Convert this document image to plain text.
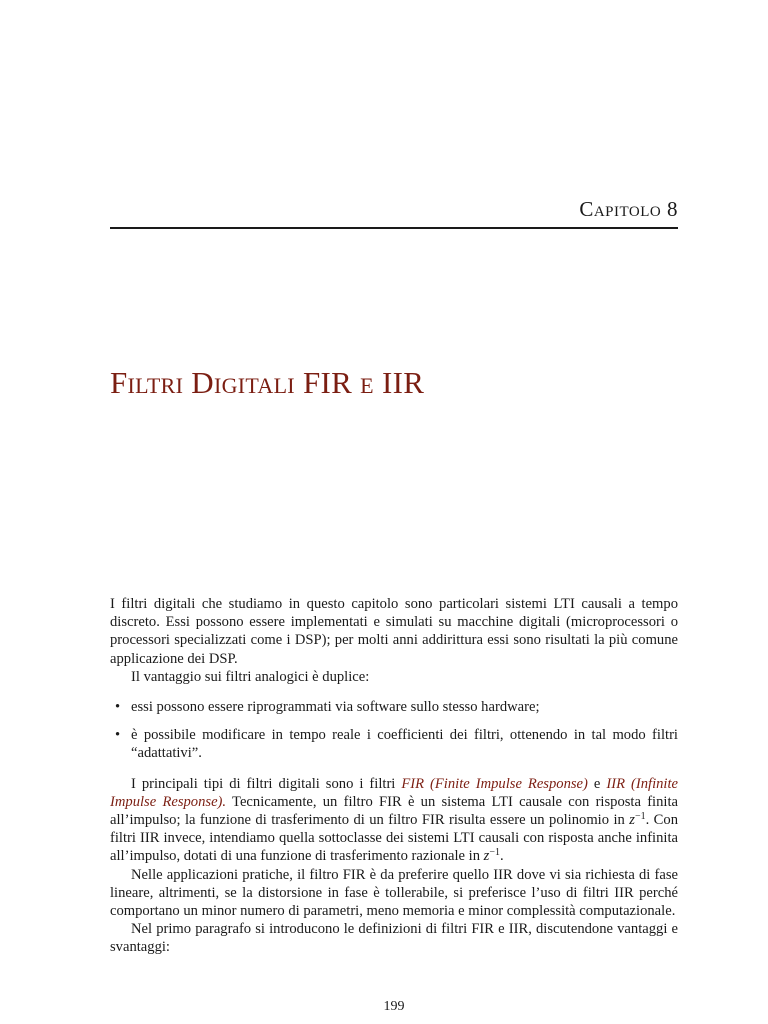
Capitolo 8
Filtri Digitali FIR e IIR

I filtri digitali che studiamo in questo capitolo sono particolari sistemi LTI causali a tempo discreto. Essi possono essere implementati e simulati su macchine digitali (microprocessori o processori specializzati come i DSP); per molti anni addirittura essi sono risultati la più comune applicazione dei DSP.

Il vantaggio sui filtri analogici è duplice:

• essi possono essere riprogrammati via software sullo stesso hardware;
• è possibile modificare in tempo reale i coefficienti dei filtri, ottenendo in tal modo filtri “adattativi”.

I principali tipi di filtri digitali sono i filtri FIR (Finite Impulse Response) e IIR (Infinite Impulse Response). Tecnicamente, un filtro FIR è un sistema LTI causale con risposta finita all’impulso; la funzione di trasferimento di un filtro FIR risulta essere un polinomio in $z^{-1}$. Con filtri IIR invece, intendiamo quella sottoclasse dei sistemi LTI causali con risposta anche infinita all’impulso, dotati di una funzione di trasferimento razionale in $z^{-1}$.

Nelle applicazioni pratiche, il filtro FIR è da preferire quello IIR dove vi sia richiesta di fase lineare, altrimenti, se la distorsione in fase è tollerabile, si preferisce l’uso di filtri IIR perché comportano un minor numero di parametri, meno memoria e minor complessità computazionale.

Nel primo paragrafo si introducono le definizioni di filtri FIR e IIR, discutendone vantaggi e svantaggi:

199
